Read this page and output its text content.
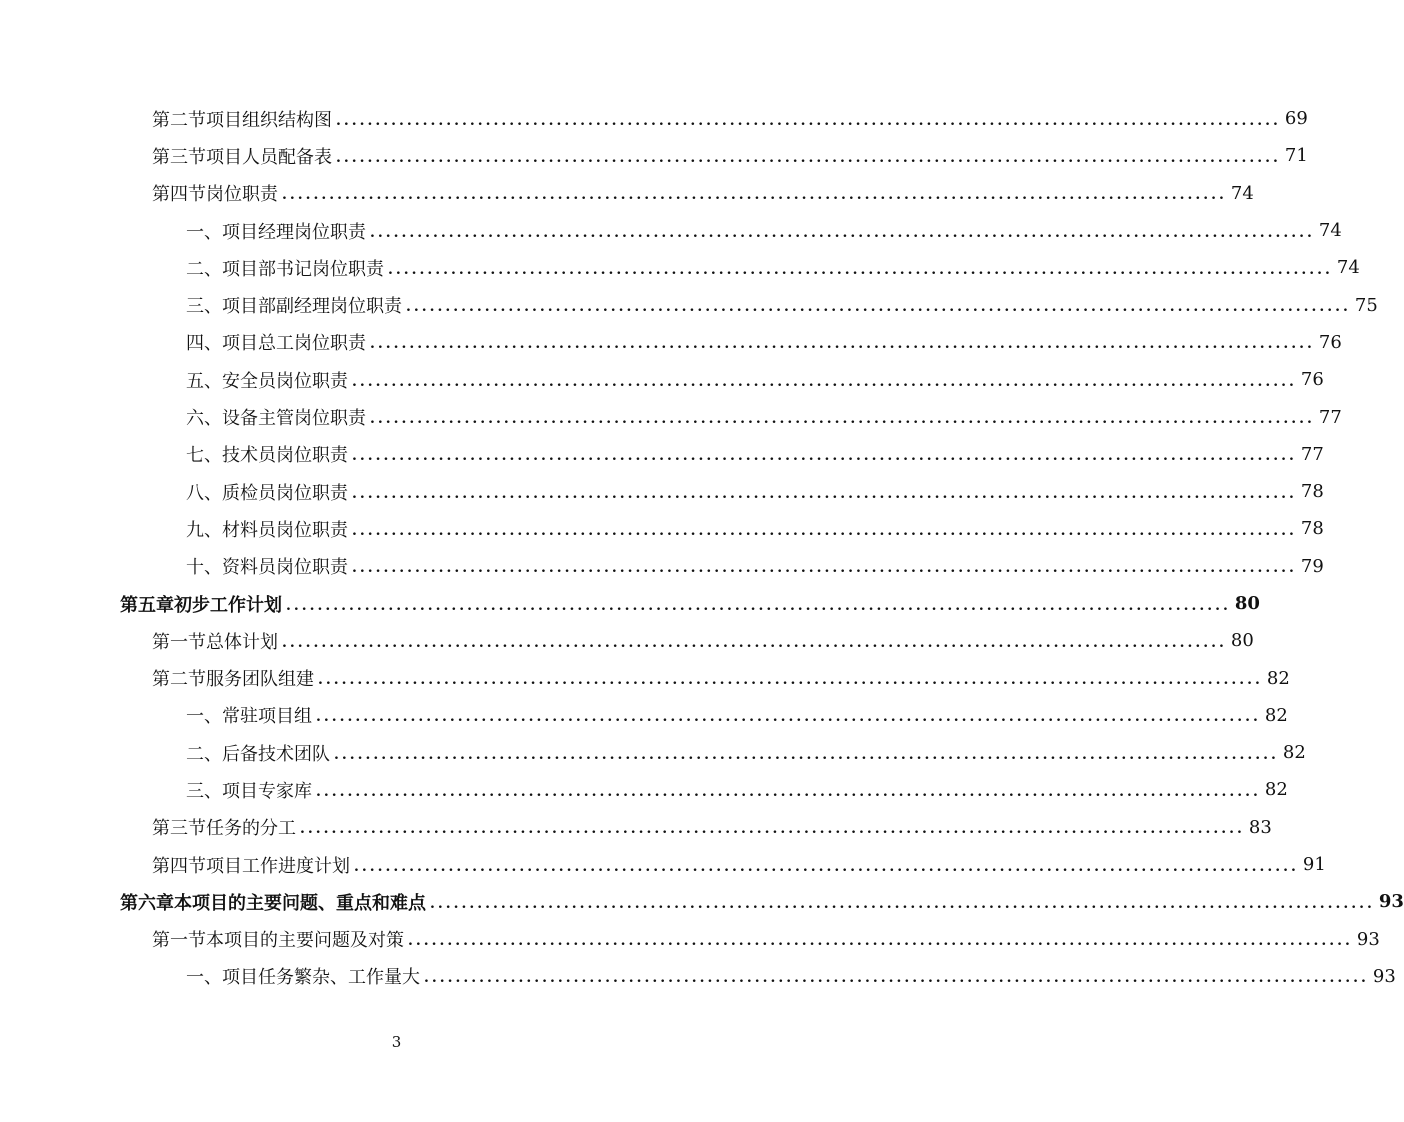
第二节 项目组织结构图 ........................................................................................................................ 69
第三节 项目人员配备表 ........................................................................................................................ 71
第四节 岗位职责 ........................................................................................................................ 74
一、 项目经理岗位职责 ........................................................................................................................ 74
二、 项目部书记岗位职责 ........................................................................................................................ 74
三、 项目部副经理岗位职责 ........................................................................................................................ 75
四、 项目总工岗位职责 ........................................................................................................................ 76
五、 安全员岗位职责 ........................................................................................................................ 76
六、 设备主管岗位职责 ........................................................................................................................ 77
七、 技术员岗位职责 ........................................................................................................................ 77
八、 质检员岗位职责 ........................................................................................................................ 78
九、 材料员岗位职责 ........................................................................................................................ 78
十、 资料员岗位职责 ........................................................................................................................ 79
第五章 初步工作计划 ........................................................................................................................ 80
第一节 总体计划 ........................................................................................................................ 80
第二节 服务团队组建 ........................................................................................................................ 82
一、 常驻项目组 ........................................................................................................................ 82
二、 后备技术团队 ........................................................................................................................ 82
三、 项目专家库 ........................................................................................................................ 82
第三节 任务的分工 ........................................................................................................................ 83
第四节 项目工作进度计划 ........................................................................................................................ 91
第六章 本项目的主要问题、重点和难点 ........................................................................................................................ 93
第一节 本项目的主要问题及对策 ........................................................................................................................ 93
一、 项目任务繁杂、工作量大 ........................................................................................................................ 93
3
